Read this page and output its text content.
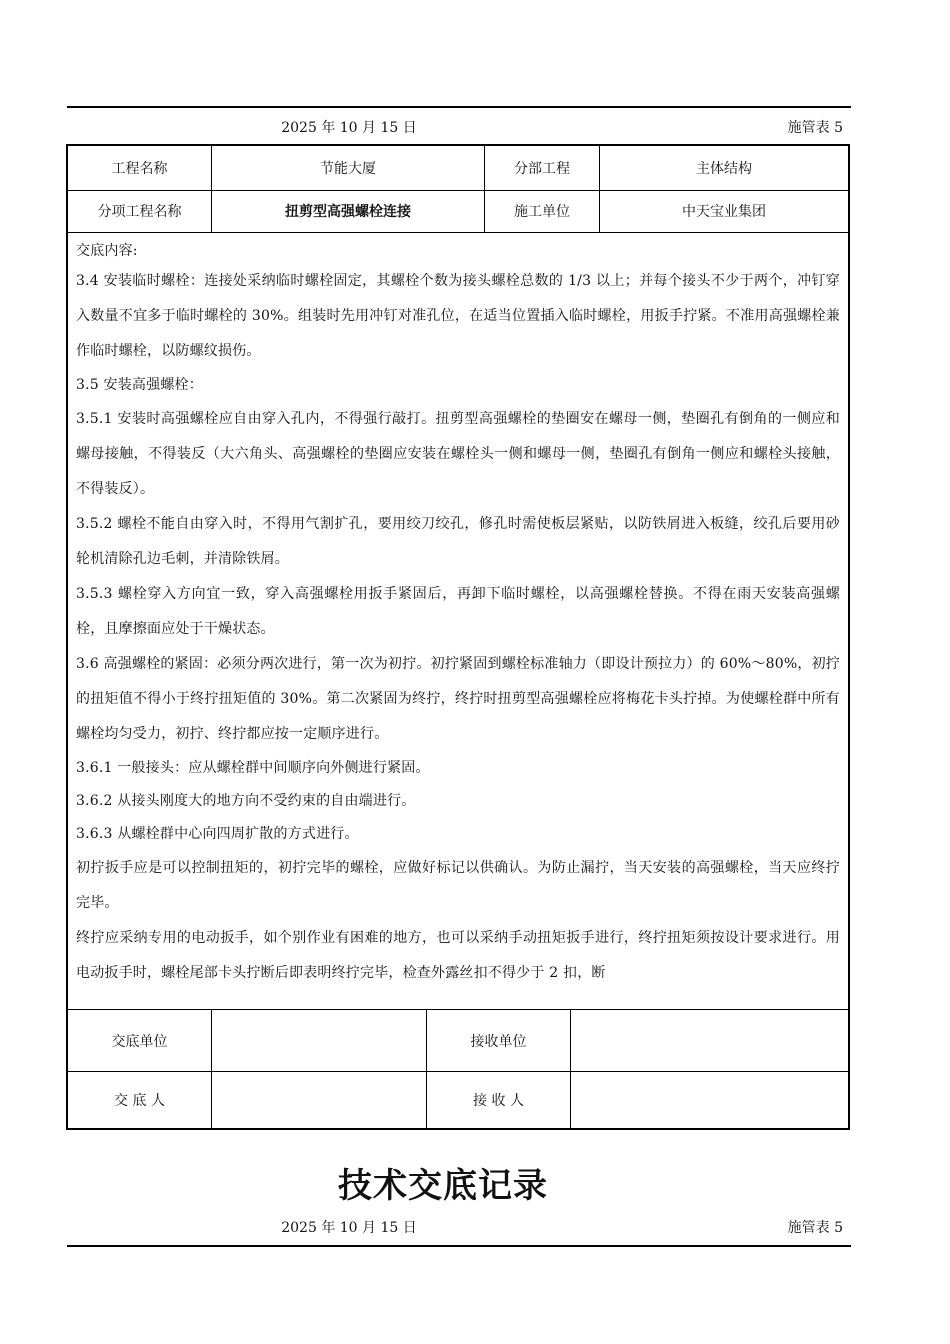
2025 年 10 月 15 日	施管表 5
工程名称	节能大厦	分部工程	主体结构
分项工程名称	扭剪型高强螺栓连接	施工单位	中天宝业集团

交底内容:

3.4 安装临时螺栓：连接处采纳临时螺栓固定，其螺栓个数为接头螺栓总数的 1/3 以上；并每个接头不少于两个，冲钉穿入数量不宜多于临时螺栓的 30%。组装时先用冲钉对准孔位，在适当位置插入临时螺栓，用扳手拧紧。不准用高强螺栓兼作临时螺栓，以防螺纹损伤。

3.5 安装高强螺栓：

3.5.1 安装时高强螺栓应自由穿入孔内，不得强行敲打。扭剪型高强螺栓的垫圈安在螺母一侧，垫圈孔有倒角的一侧应和螺母接触，不得装反（大六角头、高强螺栓的垫圈应安装在螺栓头一侧和螺母一侧，垫圈孔有倒角一侧应和螺栓头接触，不得装反）。

3.5.2 螺栓不能自由穿入时，不得用气割扩孔，要用绞刀绞孔，修孔时需使板层紧贴，以防铁屑进入板缝，绞孔后要用砂轮机清除孔边毛刺，并清除铁屑。

3.5.3 螺栓穿入方向宜一致，穿入高强螺栓用扳手紧固后，再卸下临时螺栓，以高强螺栓替换。不得在雨天安装高强螺栓，且摩擦面应处于干燥状态。

3.6 高强螺栓的紧固：必须分两次进行，第一次为初拧。初拧紧固到螺栓标准轴力（即设计预拉力）的 60%～80%，初拧的扭矩值不得小于终拧扭矩值的 30%。第二次紧固为终拧，终拧时扭剪型高强螺栓应将梅花卡头拧掉。为使螺栓群中所有螺栓均匀受力，初拧、终拧都应按一定顺序进行。

3.6.1 一般接头：应从螺栓群中间顺序向外侧进行紧固。

3.6.2 从接头刚度大的地方向不受约束的自由端进行。

3.6.3 从螺栓群中心向四周扩散的方式进行。

初拧扳手应是可以控制扭矩的，初拧完毕的螺栓，应做好标记以供确认。为防止漏拧，当天安装的高强螺栓，当天应终拧完毕。

终拧应采纳专用的电动扳手，如个别作业有困难的地方，也可以采纳手动扭矩扳手进行，终拧扭矩须按设计要求进行。用电动扳手时，螺栓尾部卡头拧断后即表明终拧完毕，检查外露丝扣不得少于 2 扣，断

交底单位	接收单位
交 底 人	接 收 人
技术交底记录
2025 年 10 月 15 日	施管表 5
